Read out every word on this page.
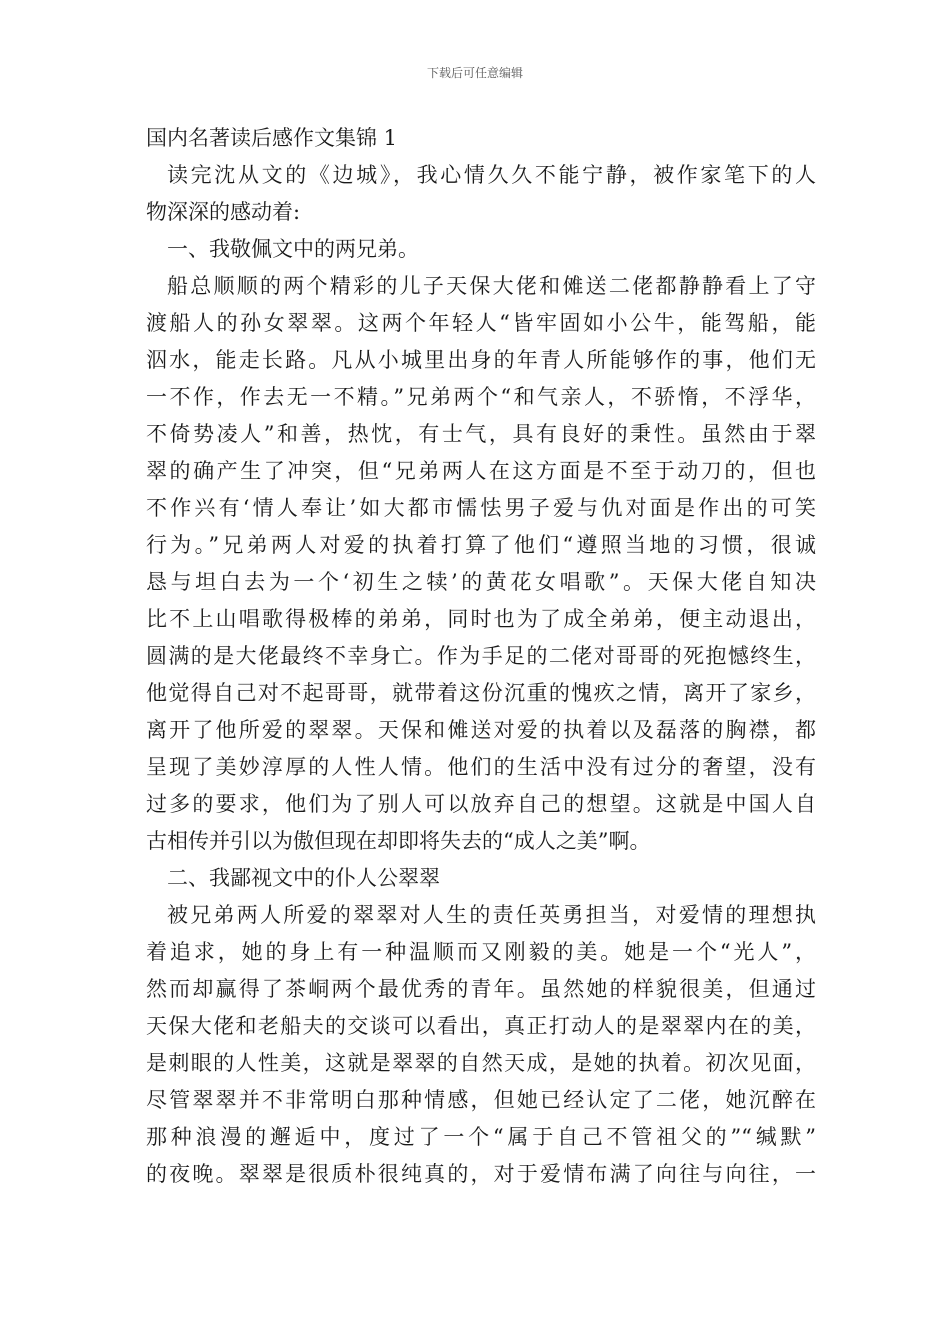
下载后可任意编辑

国内名著读后感作文集锦 1

读完沈从文的《边城》，我心情久久不能宁静，被作家笔下的人

物深深的感动着:

一、我敬佩文中的两兄弟。

船总顺顺的两个精彩的儿子天保大佬和傩送二佬都静静看上了守

渡船人的孙女翠翠。这两个年轻人“皆牢固如小公牛，能驾船，能

泅水，能走长路。凡从小城里出身的年青人所能够作的事，他们无

一不作，作去无一不精。”兄弟两个“和气亲人，不骄惰，不浮华，

不倚势凌人”和善，热忱，有士气，具有良好的秉性。虽然由于翠

翠的确产生了冲突，但“兄弟两人在这方面是不至于动刀的，但也

不作兴有‘情人奉让’如大都市懦怯男子爱与仇对面是作出的可笑

行为。”兄弟两人对爱的执着打算了他们“遵照当地的习惯，很诚

恳与坦白去为一个‘初生之犊’的黄花女唱歌”。天保大佬自知决

比不上山唱歌得极棒的弟弟，同时也为了成全弟弟，便主动退出，

圆满的是大佬最终不幸身亡。作为手足的二佬对哥哥的死抱憾终生，

他觉得自己对不起哥哥，就带着这份沉重的愧疚之情，离开了家乡，

离开了他所爱的翠翠。天保和傩送对爱的执着以及磊落的胸襟，都

呈现了美妙淳厚的人性人情。他们的生活中没有过分的奢望，没有

过多的要求，他们为了别人可以放弃自己的想望。这就是中国人自

古相传并引以为傲但现在却即将失去的“成人之美”啊。

二、我鄙视文中的仆人公翠翠

被兄弟两人所爱的翠翠对人生的责任英勇担当，对爱情的理想执

着追求，她的身上有一种温顺而又刚毅的美。她是一个“光人”，

然而却赢得了茶峒两个最优秀的青年。虽然她的样貌很美，但通过

天保大佬和老船夫的交谈可以看出，真正打动人的是翠翠内在的美，

是刺眼的人性美，这就是翠翠的自然天成，是她的执着。初次见面，

尽管翠翠并不非常明白那种情感，但她已经认定了二佬，她沉醉在

那种浪漫的邂逅中，度过了一个“属于自己不管祖父的”“缄默”

的夜晚。翠翠是很质朴很纯真的，对于爱情布满了向往与向往，一
